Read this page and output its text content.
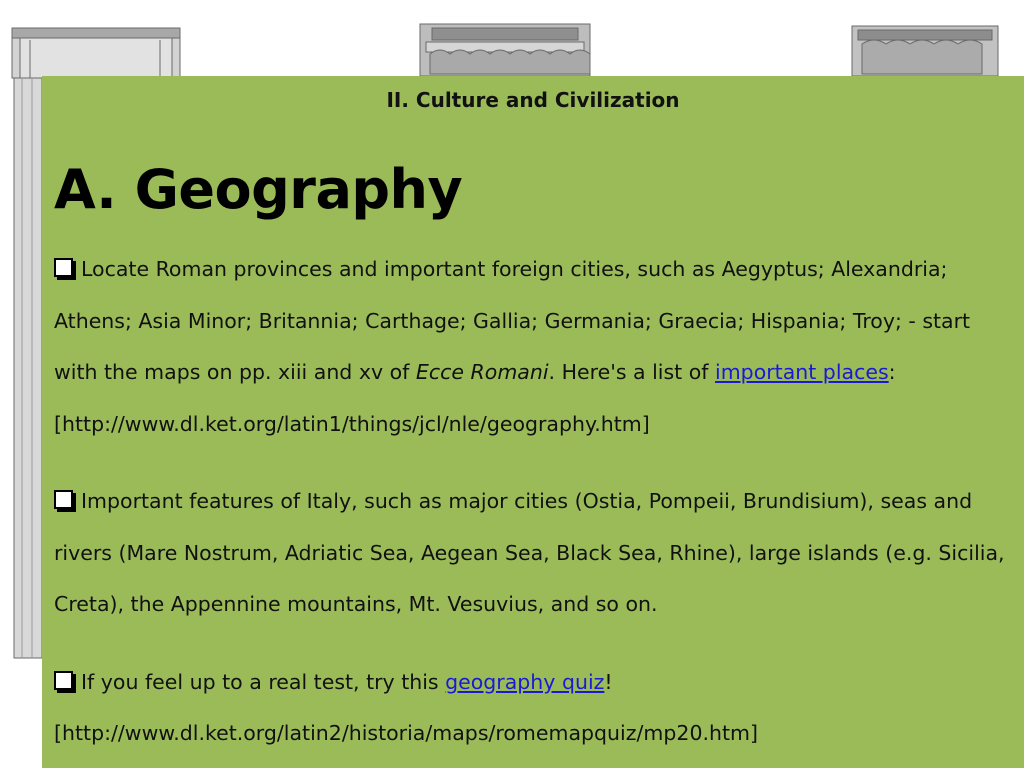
II. Culture and Civilization
A. Geography
Locate Roman provinces and important foreign cities, such as Aegyptus; Alexandria; Athens; Asia Minor; Britannia; Carthage; Gallia; Germania; Graecia; Hispania; Troy; - start with the maps on pp. xiii and xv of Ecce Romani. Here's a list of important places: [http://www.dl.ket.org/latin1/things/jcl/nle/geography.htm]
Important features of Italy, such as major cities (Ostia, Pompeii, Brundisium), seas and rivers (Mare Nostrum, Adriatic Sea, Aegean Sea, Black Sea, Rhine), large islands (e.g. Sicilia, Creta), the Appennine mountains, Mt. Vesuvius, and so on.
If you feel up to a real test, try this geography quiz! [http://www.dl.ket.org/latin2/historia/maps/romemapquiz/mp20.htm]
